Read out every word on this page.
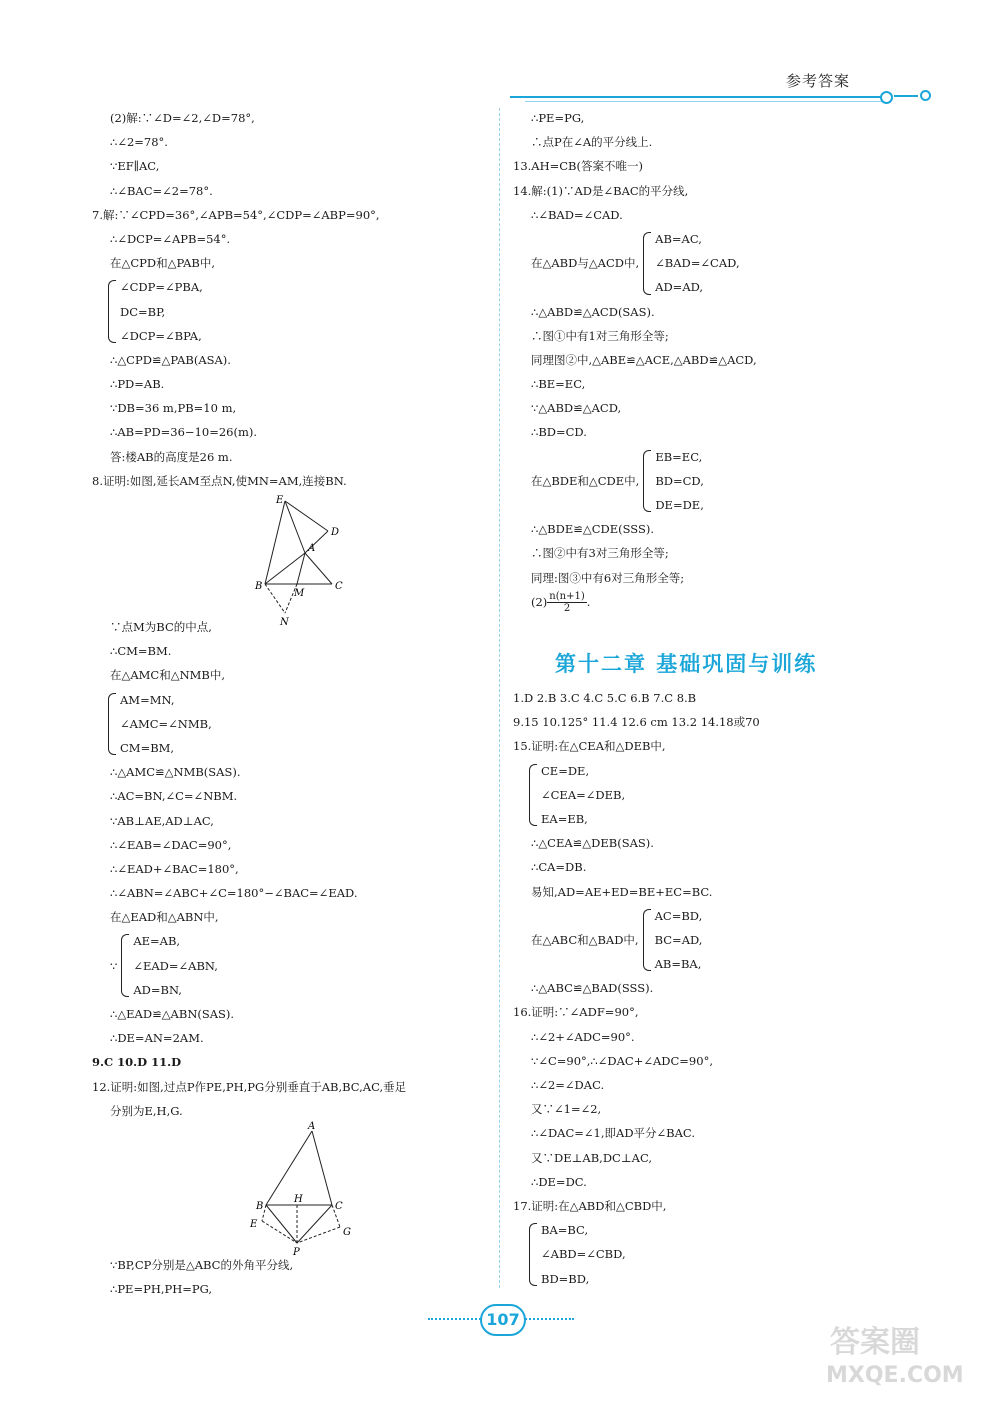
参考答案
(2)解:∵∠D=∠2,∠D=78°,
∴∠2=78°.
∵EF∥AC,
∴∠BAC=∠2=78°.
7.解:∵∠CPD=36°,∠APB=54°,∠CDP=∠ABP=90°,
∴∠DCP=∠APB=54°.
在△CPD和△PAB中,
∠CDP=∠PBA,
DC=BP,
∠DCP=∠BPA,
∴△CPD≌△PAB(ASA).
∴PD=AB.
∵DB=36 m,PB=10 m,
∴AB=PD=36−10=26(m).
答:楼AB的高度是26 m.
8.证明:如图,延长AM至点N,使MN=AM,连接BN.
E
D
A
B
M
C
N
∵点M为BC的中点,
∴CM=BM.
在△AMC和△NMB中,
AM=MN,
∠AMC=∠NMB,
CM=BM,
∴△AMC≌△NMB(SAS).
∴AC=BN,∠C=∠NBM.
∵AB⊥AE,AD⊥AC,
∴∠EAB=∠DAC=90°,
∴∠EAD+∠BAC=180°,
∴∠ABN=∠ABC+∠C=180°−∠BAC=∠EAD.
在△EAD和△ABN中,
∵
AE=AB,
∠EAD=∠ABN,
AD=BN,
∴△EAD≌△ABN(SAS).
∴DE=AN=2AM.
9.C 10.D 11.D
12.证明:如图,过点P作PE,PH,PG分别垂直于AB,BC,AC,垂足
分别为E,H,G.
A
B
H
C
E
G
P
∵BP,CP分别是△ABC的外角平分线,
∴PE=PH,PH=PG,
∴PE=PG,
∴点P在∠A的平分线上.
13.AH=CB(答案不唯一)
14.解:(1)∵AD是∠BAC的平分线,
∴∠BAD=∠CAD.
在△ABD与△ACD中,
AB=AC,
∠BAD=∠CAD,
AD=AD,
∴△ABD≌△ACD(SAS).
∴图①中有1对三角形全等;
同理图②中,△ABE≌△ACE,△ABD≌△ACD,
∴BE=EC,
∵△ABD≌△ACD,
∴BD=CD.
在△BDE和△CDE中,
EB=EC,
BD=CD,
DE=DE,
∴△BDE≌△CDE(SSS).
∴图②中有3对三角形全等;
同理:图③中有6对三角形全等;
$(2) \frac{n(n+1)}{2}$ .
第十二章 基础巩固与训练
1.D 2.B 3.C 4.C 5.C 6.B 7.C 8.B
9.15 10.125° 11.4 12.6 cm 13.2 14.18或70
15.证明:在△CEA和△DEB中,
CE=DE,
∠CEA=∠DEB,
EA=EB,
∴△CEA≌△DEB(SAS).
∴CA=DB.
易知,AD=AE+ED=BE+EC=BC.
在△ABC和△BAD中,
AC=BD,
BC=AD,
AB=BA,
∴△ABC≌△BAD(SSS).
16.证明:∵∠ADF=90°,
∴∠2+∠ADC=90°.
∵∠C=90°,∴∠DAC+∠ADC=90°,
∴∠2=∠DAC.
又∵∠1=∠2,
∴∠DAC=∠1,即AD平分∠BAC.
又∵DE⊥AB,DC⊥AC,
∴DE=DC.
17.证明:在△ABD和△CBD中,
BA=BC,
∠ABD=∠CBD,
BD=BD,
107
答案圈
MXQE.COM
